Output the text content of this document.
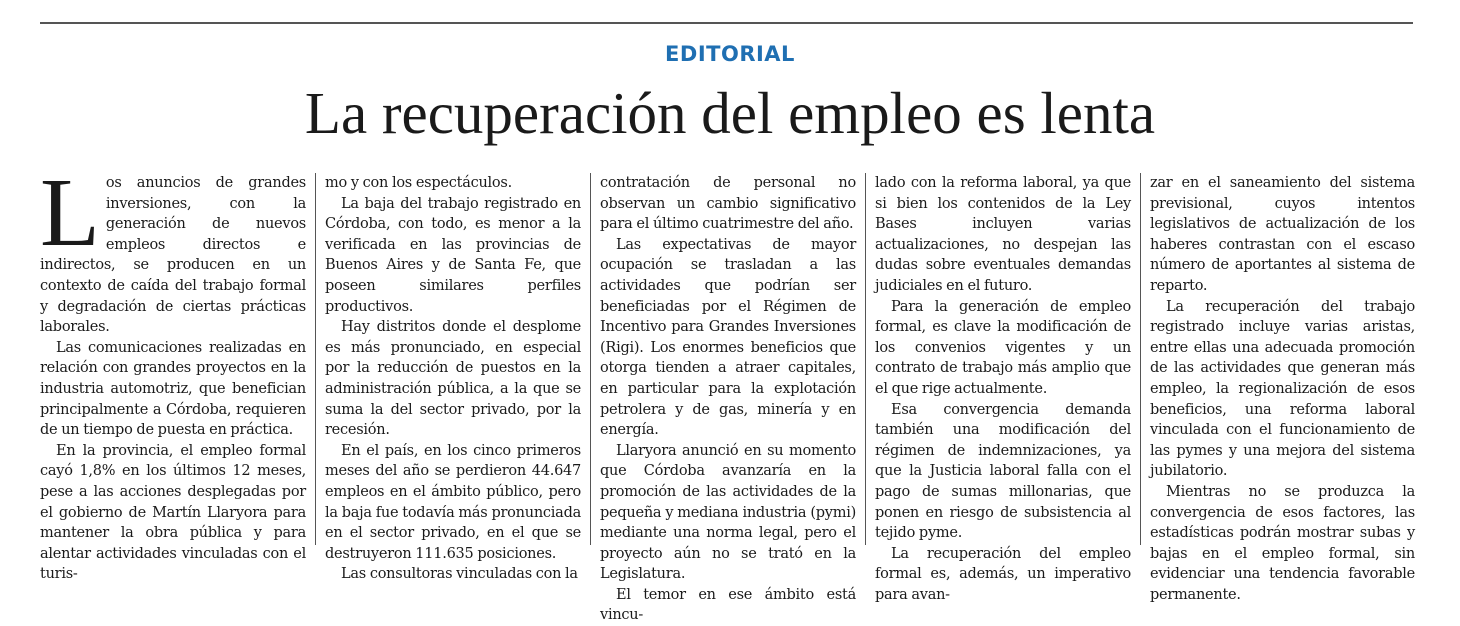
EDITORIAL
La recuperación del empleo es lenta
L os anuncios de grandes inversiones, con la generación de nuevos empleos directos e indirectos, se producen en un contexto de caída del trabajo formal y degradación de ciertas prácticas laborales.

Las comunicaciones realizadas en relación con grandes proyectos en la industria automotriz, que benefician principalmente a Córdoba, requieren de un tiempo de puesta en práctica.

En la provincia, el empleo formal cayó 1,8% en los últimos 12 meses, pese a las acciones desplegadas por el gobierno de Martín Llaryora para mantener la obra pública y para alentar actividades vinculadas con el turis-

mo y con los espectáculos.

La baja del trabajo registrado en Córdoba, con todo, es menor a la verificada en las provincias de Buenos Aires y de Santa Fe, que poseen similares perfiles productivos.

Hay distritos donde el desplome es más pronunciado, en especial por la reducción de puestos en la administración pública, a la que se suma la del sector privado, por la recesión.

En el país, en los cinco primeros meses del año se perdieron 44.647 empleos en el ámbito público, pero la baja fue todavía más pronunciada en el sector privado, en el que se destruyeron 111.635 posiciones.

Las consultoras vinculadas con la

contratación de personal no observan un cambio significativo para el último cuatrimestre del año.

Las expectativas de mayor ocupación se trasladan a las actividades que podrían ser beneficiadas por el Régimen de Incentivo para Grandes Inversiones (Rigi). Los enormes beneficios que otorga tienden a atraer capitales, en particular para la explotación petrolera y de gas, minería y en energía.

Llaryora anunció en su momento que Córdoba avanzaría en la promoción de las actividades de la pequeña y mediana industria (pymi) mediante una norma legal, pero el proyecto aún no se trató en la Legislatura.

El temor en ese ámbito está vincu-

lado con la reforma laboral, ya que si bien los contenidos de la Ley Bases incluyen varias actualizaciones, no despejan las dudas sobre eventuales demandas judiciales en el futuro.

Para la generación de empleo formal, es clave la modificación de los convenios vigentes y un contrato de trabajo más amplio que el que rige actualmente.

Esa convergencia demanda también una modificación del régimen de indemnizaciones, ya que la Justicia laboral falla con el pago de sumas millonarias, que ponen en riesgo de subsistencia al tejido pyme.

La recuperación del empleo formal es, además, un imperativo para avan-

zar en el saneamiento del sistema previsional, cuyos intentos legislativos de actualización de los haberes contrastan con el escaso número de aportantes al sistema de reparto.

La recuperación del trabajo registrado incluye varias aristas, entre ellas una adecuada promoción de las actividades que generan más empleo, la regionalización de esos beneficios, una reforma laboral vinculada con el funcionamiento de las pymes y una mejora del sistema jubilatorio.

Mientras no se produzca la convergencia de esos factores, las estadísticas podrán mostrar subas y bajas en el empleo formal, sin evidenciar una tendencia favorable permanente.
